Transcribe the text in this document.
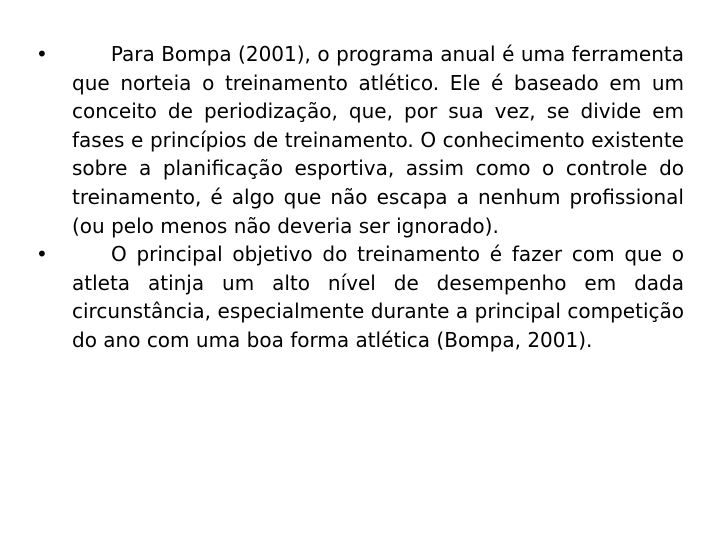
•	Para Bompa (2001), o programa anual é uma ferramenta que norteia o treinamento atlético. Ele é baseado em um conceito de periodização, que, por sua vez, se divide em fases e princípios de treinamento. O conhecimento existente sobre a planificação esportiva, assim como o controle do treinamento, é algo que não escapa a nenhum profissional (ou pelo menos não deveria ser ignorado).
•	O principal objetivo do treinamento é fazer com que o atleta atinja um alto nível de desempenho em dada circunstância, especialmente durante a principal competição do ano com uma boa forma atlética (Bompa, 2001).
